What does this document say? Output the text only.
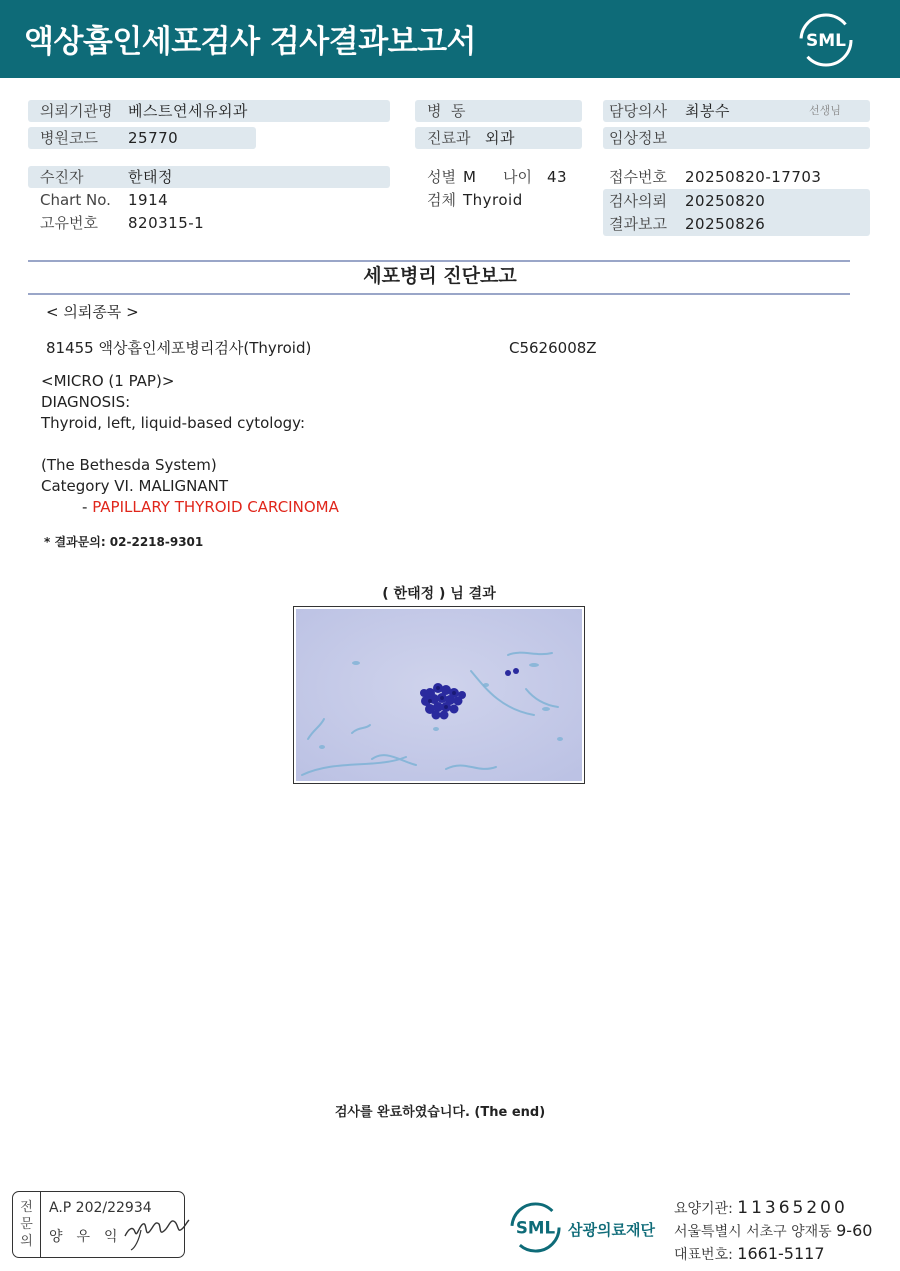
액상흡인세포검사 검사결과보고서	SML
의뢰기관명 베스트연세유외과
병원코드 25770
수진자	한태정
Chart No. 1914
고유번호 820315-1
병  동
진료과 외과
성별 M 나이 43
검체 Thyroid
담당의사 최봉수	선생님
임상정보
접수번호 20250820-17703
검사의뢰 20250820
결과보고 20250826
세포병리 진단보고
< 의뢰종목 >
81455 액상흡인세포병리검사(Thyroid)	C5626008Z
<MICRO (1 PAP)>
DIAGNOSIS:
Thyroid, left, liquid-based cytology:
(The Bethesda System)
Category VI. MALIGNANT
- PAPILLARY THYROID CARCINOMA
* 결과문의: 02-2218-9301
( 한태정 ) 님 결과
검사를 완료하였습니다. (The end)
전
문
의
A.P 202/22934
양우익	SML 삼광의료재단
요양기관: 11365200
서울특별시 서초구 양재동 9-60
대표번호: 1661-5117
